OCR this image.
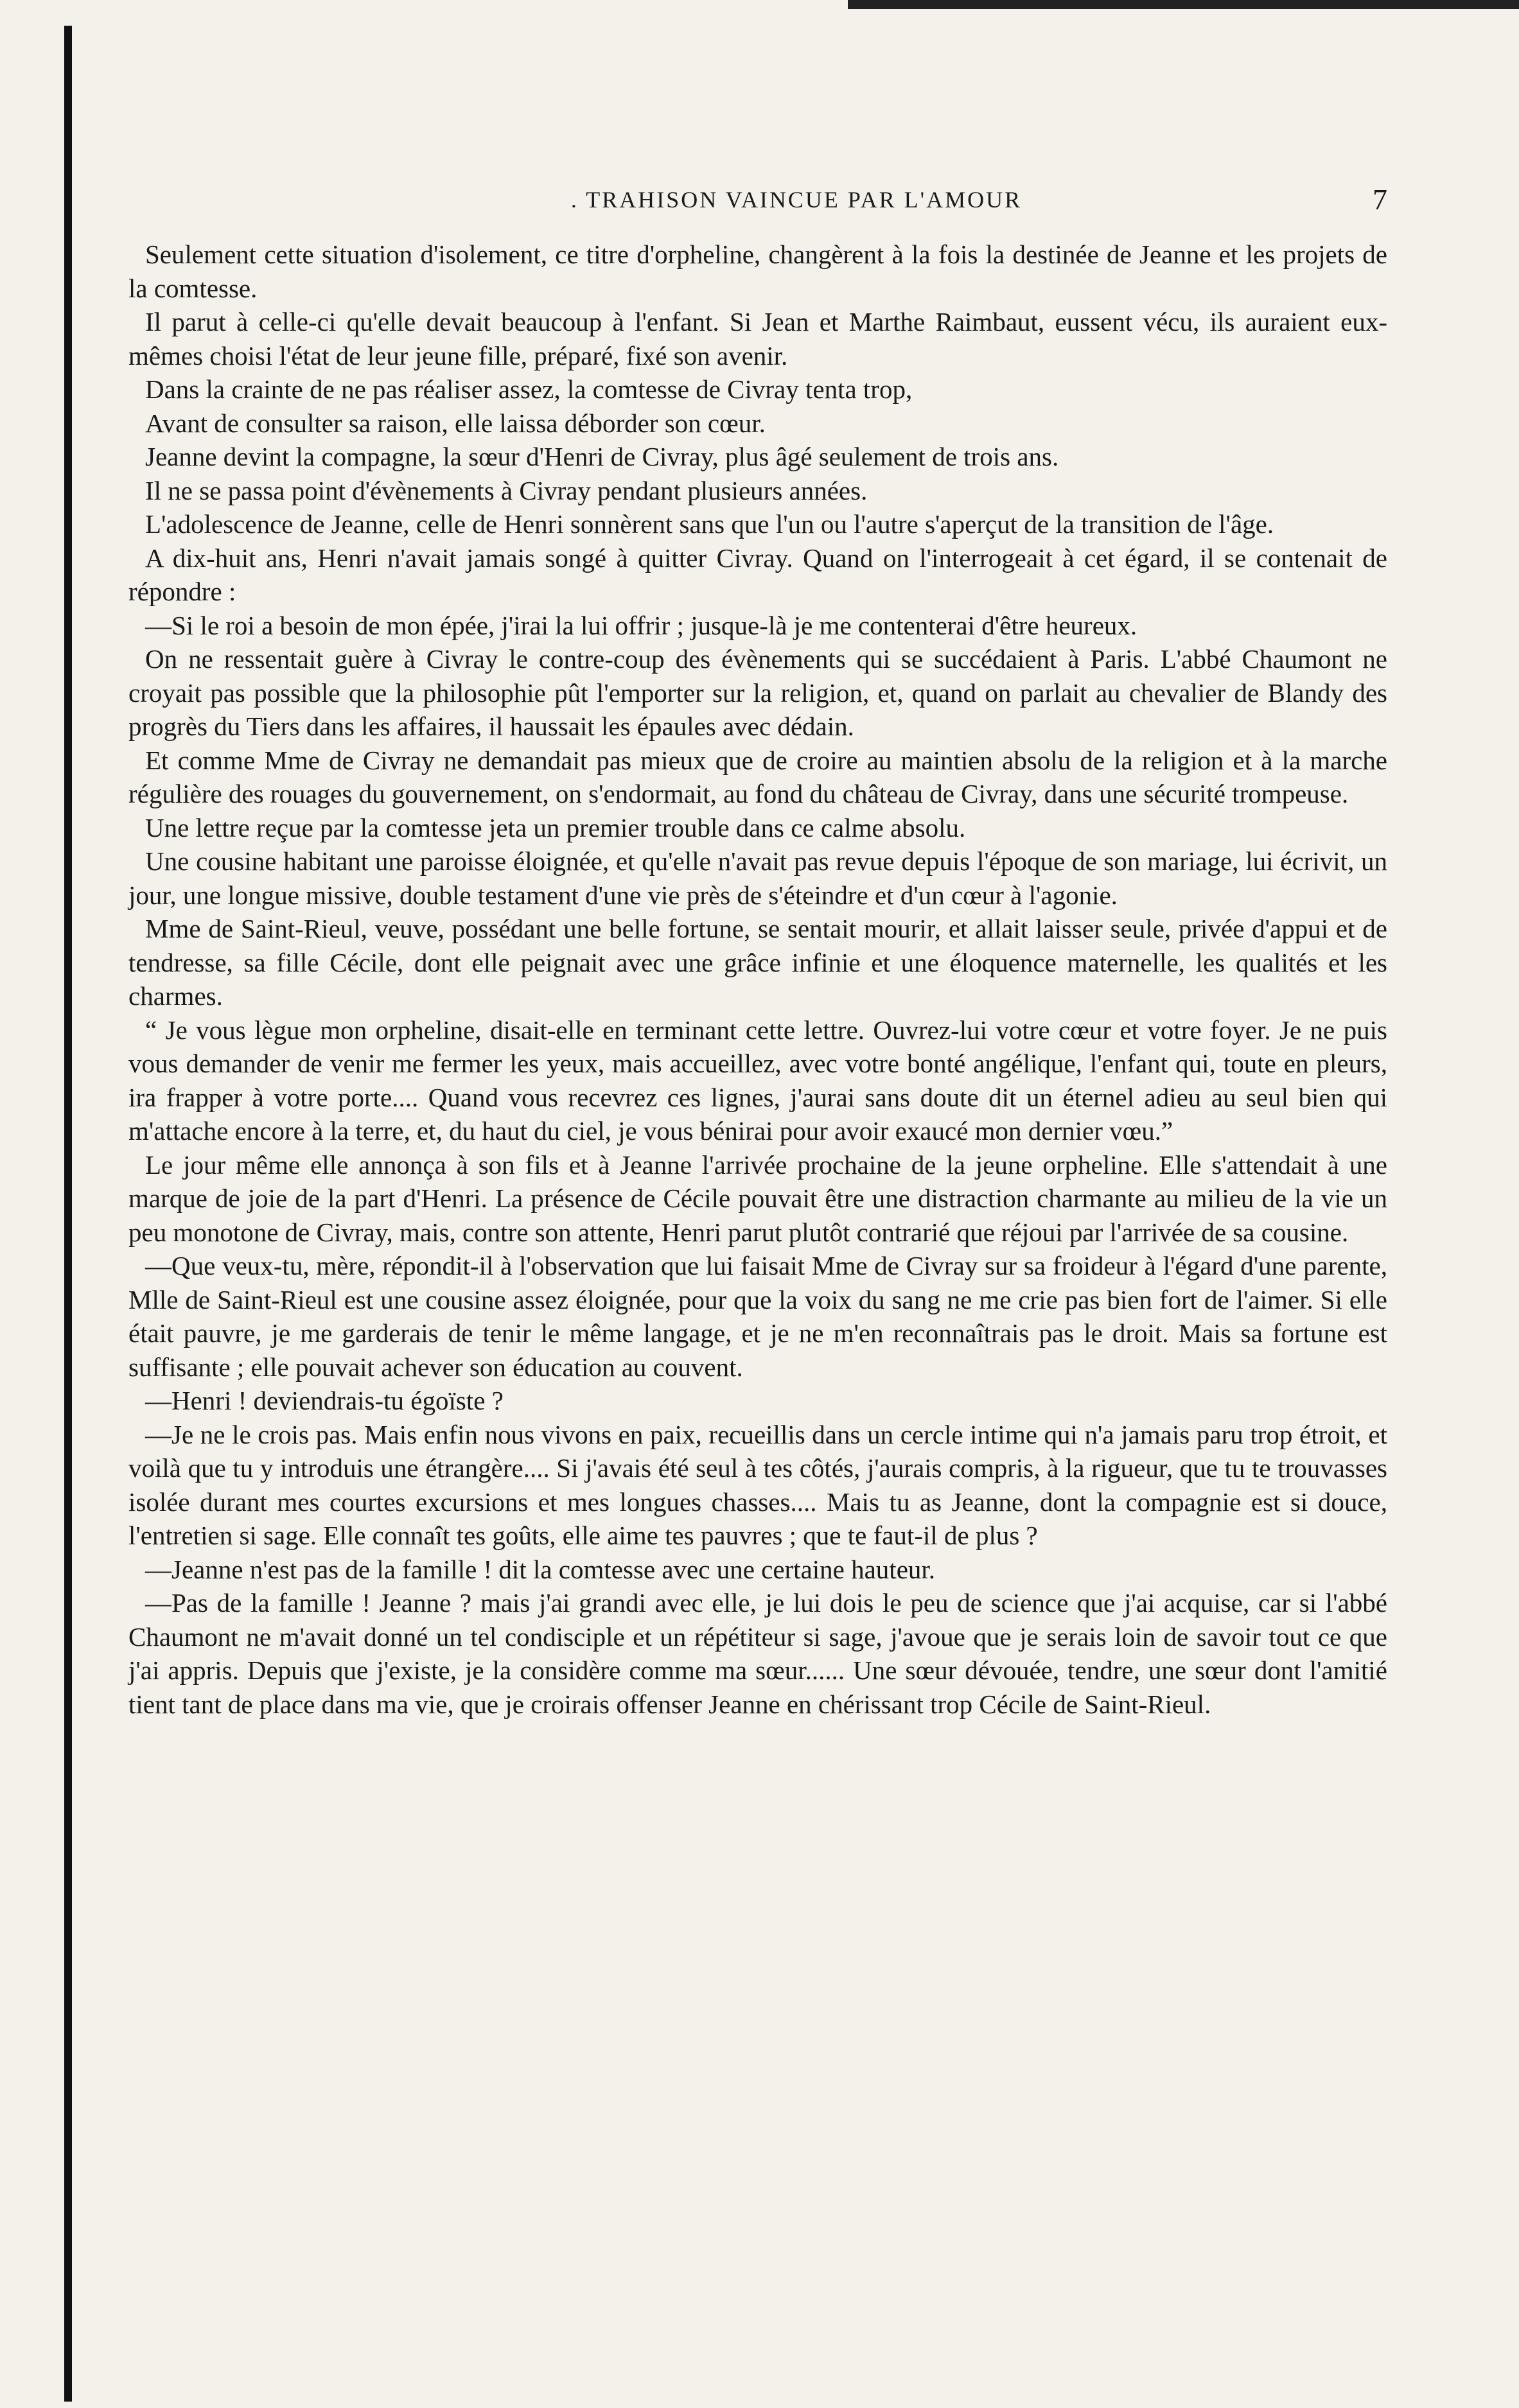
. TRAHISON VAINCUE PAR L'AMOUR	7

Seulement cette situation d'isolement, ce titre d'orpheline, changèrent à la fois la destinée de Jeanne et les projets de la comtesse.

Il parut à celle-ci qu'elle devait beaucoup à l'enfant. Si Jean et Marthe Raimbaut, eussent vécu, ils auraient eux-mêmes choisi l'état de leur jeune fille, préparé, fixé son avenir.

Dans la crainte de ne pas réaliser assez, la comtesse de Civray tenta trop,

Avant de consulter sa raison, elle laissa déborder son cœur.

Jeanne devint la compagne, la sœur d'Henri de Civray, plus âgé seulement de trois ans.

Il ne se passa point d'évènements à Civray pendant plusieurs années.

L'adolescence de Jeanne, celle de Henri sonnèrent sans que l'un ou l'autre s'aperçut de la transition de l'âge.

A dix-huit ans, Henri n'avait jamais songé à quitter Civray. Quand on l'interrogeait à cet égard, il se contenait de répondre :

—Si le roi a besoin de mon épée, j'irai la lui offrir ; jusque-là je me contenterai d'être heureux.

On ne ressentait guère à Civray le contre-coup des évènements qui se succédaient à Paris. L'abbé Chaumont ne croyait pas possible que la philosophie pût l'emporter sur la religion, et, quand on parlait au chevalier de Blandy des progrès du Tiers dans les affaires, il haussait les épaules avec dédain.

Et comme Mme de Civray ne demandait pas mieux que de croire au maintien absolu de la religion et à la marche régulière des rouages du gouvernement, on s'endormait, au fond du château de Civray, dans une sécurité trompeuse.

Une lettre reçue par la comtesse jeta un premier trouble dans ce calme absolu.

Une cousine habitant une paroisse éloignée, et qu'elle n'avait pas revue depuis l'époque de son mariage, lui écrivit, un jour, une longue missive, double testament d'une vie près de s'éteindre et d'un cœur à l'agonie.

Mme de Saint-Rieul, veuve, possédant une belle fortune, se sentait mourir, et allait laisser seule, privée d'appui et de tendresse, sa fille Cécile, dont elle peignait avec une grâce infinie et une éloquence maternelle, les qualités et les charmes.

“ Je vous lègue mon orpheline, disait-elle en terminant cette lettre. Ouvrez-lui votre cœur et votre foyer. Je ne puis vous demander de venir me fermer les yeux, mais accueillez, avec votre bonté angélique, l'enfant qui, toute en pleurs, ira frapper à votre porte.... Quand vous recevrez ces lignes, j'aurai sans doute dit un éternel adieu au seul bien qui m'attache encore à la terre, et, du haut du ciel, je vous bénirai pour avoir exaucé mon dernier vœu.”

Le jour même elle annonça à son fils et à Jeanne l'arrivée prochaine de la jeune orpheline. Elle s'attendait à une marque de joie de la part d'Henri. La présence de Cécile pouvait être une distraction charmante au milieu de la vie un peu monotone de Civray, mais, contre son attente, Henri parut plutôt contrarié que réjoui par l'arrivée de sa cousine.

—Que veux-tu, mère, répondit-il à l'observation que lui faisait Mme de Civray sur sa froideur à l'égard d'une parente, Mlle de Saint-Rieul est une cousine assez éloignée, pour que la voix du sang ne me crie pas bien fort de l'aimer. Si elle était pauvre, je me garderais de tenir le même langage, et je ne m'en reconnaîtrais pas le droit. Mais sa fortune est suffisante ; elle pouvait achever son éducation au couvent.

—Henri ! deviendrais-tu égoïste ?

—Je ne le crois pas. Mais enfin nous vivons en paix, recueillis dans un cercle intime qui n'a jamais paru trop étroit, et voilà que tu y introduis une étrangère.... Si j'avais été seul à tes côtés, j'aurais compris, à la rigueur, que tu te trouvasses isolée durant mes courtes excursions et mes longues chasses.... Mais tu as Jeanne, dont la compagnie est si douce, l'entretien si sage. Elle connaît tes goûts, elle aime tes pauvres ; que te faut-il de plus ?

—Jeanne n'est pas de la famille ! dit la comtesse avec une certaine hauteur.

—Pas de la famille ! Jeanne ? mais j'ai grandi avec elle, je lui dois le peu de science que j'ai acquise, car si l'abbé Chaumont ne m'avait donné un tel condisciple et un répétiteur si sage, j'avoue que je serais loin de savoir tout ce que j'ai appris. Depuis que j'existe, je la considère comme ma sœur...... Une sœur dévouée, tendre, une sœur dont l'amitié tient tant de place dans ma vie, que je croirais offenser Jeanne en chérissant trop Cécile de Saint-Rieul.
